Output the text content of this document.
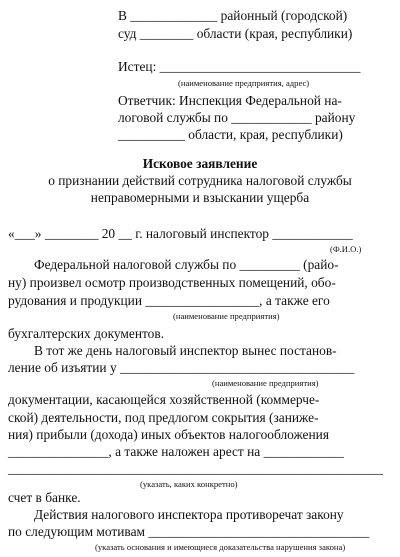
В _____________ районный (городской)
суд ________ области (края, республики)
Истец: ______________________________
(наименование предприятия, адрес)
Ответчик: Инспекция Федеральной на-
логовой службы по ____________ району
__________ области, края, республики)
Исковое заявление
о признании действий сотрудника налоговой службы
неправомерными и взыскании ущерба
«___» ________ 20 __ г. налоговый инспектор ____________
(Ф.И.О.)
Федеральной налоговой службы по _________ (райо-
ну) произвел осмотр производственных помещений, обо-
рудования и продукции _________________, а также его
(наименование предприятия)
бухгалтерских документов.
В тот же день налоговый инспектор вынес постанов-
ление об изъятии у ___________________________________
(наименование предприятия)
документации, касающейся хозяйственной (коммерче-
ской) деятельности, под предлогом сокрытия (заниже-
ния) прибыли (дохода) иных объектов налогообложения
_______________, а также наложен арест на ____________
________________________________________________________
(указать, каких конкретно)
счет в банке.
Действия налогового инспектора противоречат закону
по следующим мотивам _________________________________
(указать основания и имеющиеся доказательства нарушения закона)
